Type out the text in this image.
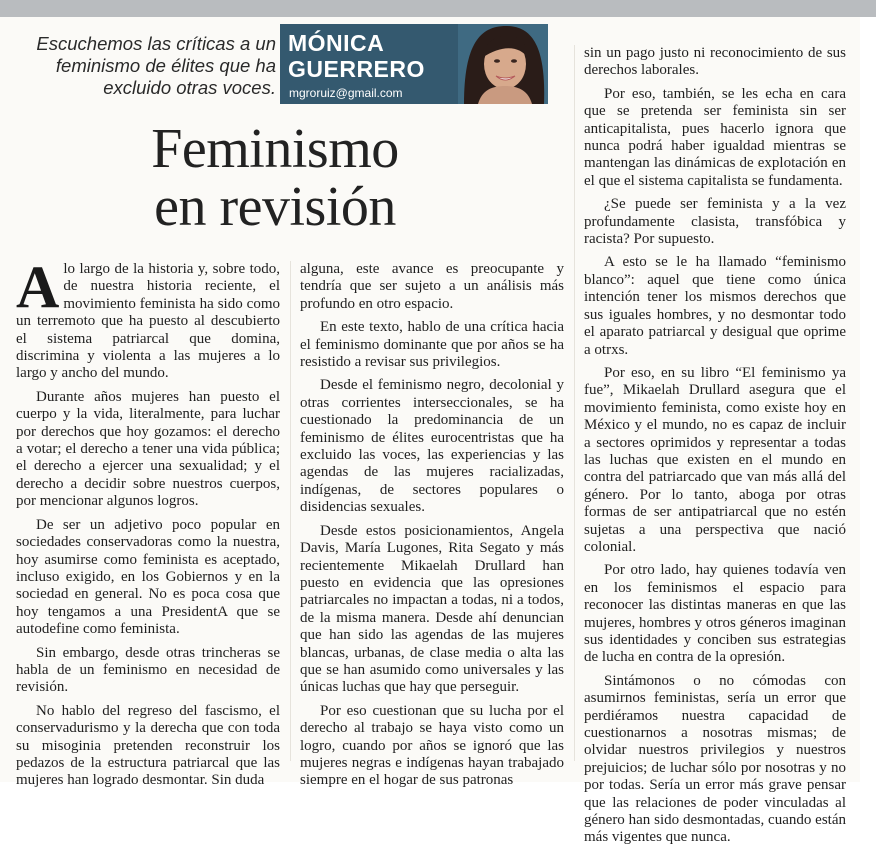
Escuchemos las críticas a un feminismo de élites que ha excluido otras voces.
MÓNICA
GUERRERO
mgroruiz@gmail.com
Feminismo
en revisión

Alo largo de la historia y, sobre todo, de nuestra historia reciente, el movimiento feminista ha sido como un terremoto que ha puesto al descubierto el sistema patriarcal que domina, discrimina y violenta a las mujeres a lo largo y ancho del mundo.

Durante años mujeres han puesto el cuerpo y la vida, literalmente, para luchar por derechos que hoy gozamos: el derecho a votar; el derecho a tener una vida pública; el derecho a ejercer una sexualidad; y el derecho a decidir sobre nuestros cuerpos, por mencionar algunos logros.

De ser un adjetivo poco popular en sociedades conservadoras como la nuestra, hoy asumirse como feminista es aceptado, incluso exigido, en los Gobiernos y en la sociedad en general. No es poca cosa que hoy tengamos a una PresidentA que se autodefine como feminista.

Sin embargo, desde otras trincheras se habla de un feminismo en necesidad de revisión.

No hablo del regreso del fascismo, el conservadurismo y la derecha que con toda su misoginia pretenden reconstruir los pedazos de la estructura patriarcal que las mujeres han logrado desmontar. Sin duda

alguna, este avance es preocupante y tendría que ser sujeto a un análisis más profundo en otro espacio.

En este texto, hablo de una crítica hacia el feminismo dominante que por años se ha resistido a revisar sus privilegios.

Desde el feminismo negro, decolonial y otras corrientes interseccionales, se ha cuestionado la predominancia de un feminismo de élites eurocentristas que ha excluido las voces, las experiencias y las agendas de las mujeres racializadas, indígenas, de sectores populares o disidencias sexuales.

Desde estos posicionamientos, Angela Davis, María Lugones, Rita Segato y más recientemente Mikaelah Drullard han puesto en evidencia que las opresiones patriarcales no impactan a todas, ni a todos, de la misma manera. Desde ahí denuncian que han sido las agendas de las mujeres blancas, urbanas, de clase media o alta las que se han asumido como universales y las únicas luchas que hay que perseguir.

Por eso cuestionan que su lucha por el derecho al trabajo se haya visto como un logro, cuando por años se ignoró que las mujeres negras e indígenas hayan trabajado siempre en el hogar de sus patronas

sin un pago justo ni reconocimiento de sus derechos laborales.

Por eso, también, se les echa en cara que se pretenda ser feminista sin ser anticapitalista, pues hacerlo ignora que nunca podrá haber igualdad mientras se mantengan las dinámicas de explotación en el que el sistema capitalista se fundamenta.

¿Se puede ser feminista y a la vez profundamente clasista, transfóbica y racista? Por supuesto.

A esto se le ha llamado “feminismo blanco”: aquel que tiene como única intención tener los mismos derechos que sus iguales hombres, y no desmontar todo el aparato patriarcal y desigual que oprime a otrxs.

Por eso, en su libro “El feminismo ya fue”, Mikaelah Drullard asegura que el movimiento feminista, como existe hoy en México y el mundo, no es capaz de incluir a sectores oprimidos y representar a todas las luchas que existen en el mundo en contra del patriarcado que van más allá del género. Por lo tanto, aboga por otras formas de ser antipatriarcal que no estén sujetas a una perspectiva que nació colonial.

Por otro lado, hay quienes todavía ven en los feminismos el espacio para reconocer las distintas maneras en que las mujeres, hombres y otros géneros imaginan sus identidades y conciben sus estrategias de lucha en contra de la opresión.

Sintámonos o no cómodas con asumirnos feministas, sería un error que perdiéramos nuestra capacidad de cuestionarnos a nosotras mismas; de olvidar nuestros privilegios y nuestros prejuicios; de luchar sólo por nosotras y no por todas. Sería un error más grave pensar que las relaciones de poder vinculadas al género han sido desmontadas, cuando están más vigentes que nunca.
